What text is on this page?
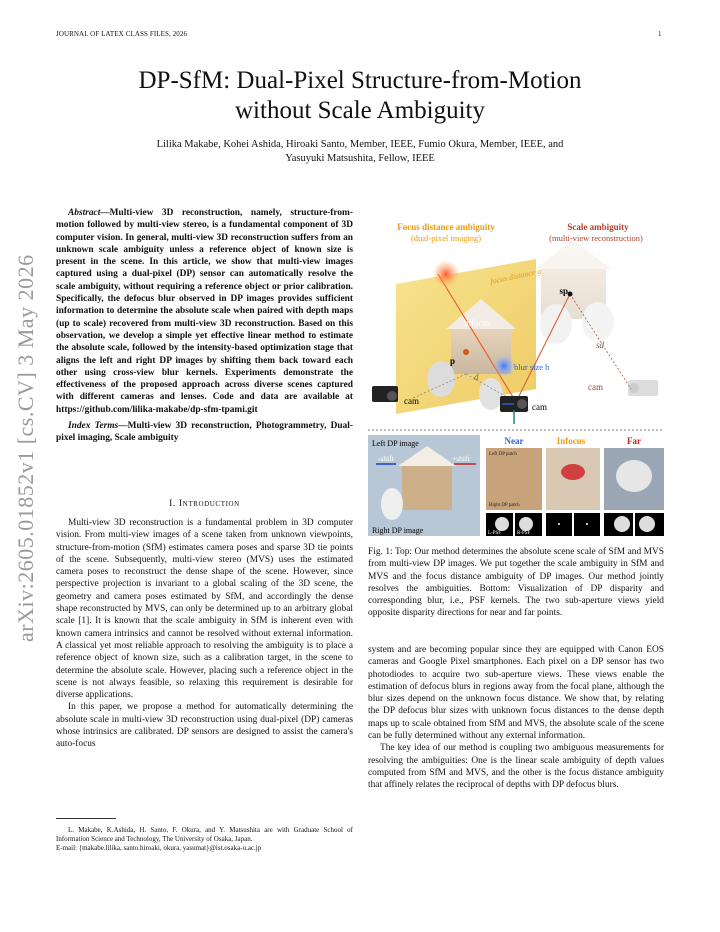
JOURNAL OF LATEX CLASS FILES, 2026	1
arXiv:2605.01852v1 [cs.CV] 3 May 2026
DP-SfM: Dual-Pixel Structure-from-Motion
without Scale Ambiguity
Lilika Makabe, Kohei Ashida, Hiroaki Santo, Member, IEEE, Fumio Okura, Member, IEEE, and
Yasuyuki Matsushita, Fellow, IEEE

Abstract—Multi-view 3D reconstruction, namely, structure-from-motion followed by multi-view stereo, is a fundamental component of 3D computer vision. In general, multi-view 3D reconstruction suffers from an unknown scale ambiguity unless a reference object of known size is present in the scene. In this article, we show that multi-view images captured using a dual-pixel (DP) sensor can automatically resolve the scale ambiguity, without requiring a reference object or prior calibration. Specifically, the defocus blur observed in DP images provides sufficient information to determine the absolute scale when paired with depth maps (up to scale) recovered from multi-view 3D reconstruction. Based on this observation, we develop a simple yet effective linear method to estimate the absolute scale, followed by the intensity-based optimization stage that aligns the left and right DP images by shifting them back toward each other using cross-view blur kernels. Experiments demonstrate the effectiveness of the proposed approach across diverse scenes captured with different cameras and lenses. Code and data are available at https://github.com/lilika-makabe/dp-sfm-tpami.git

Index Terms—Multi-view 3D reconstruction, Photogrammetry, Dual-pixel imaging, Scale ambiguity

I. Introduction

Multi-view 3D reconstruction is a fundamental problem in 3D computer vision. From multi-view images of a scene taken from unknown viewpoints, structure-from-motion (SfM) estimates camera poses and sparse 3D tie points of the scene. Subsequently, multi-view stereo (MVS) uses the estimated camera poses to reconstruct the dense shape of the scene. However, since perspective projection is invariant to a global scaling of the 3D scene, the geometry and camera poses estimated by SfM, and accordingly the dense shape reconstructed by MVS, can only be determined up to an arbitrary global scale [1]. It is known that the scale ambiguity in SfM is inherent even with known camera intrinsics and cannot be resolved without external information. A classical yet most reliable approach to resolving the ambiguity is to place a reference object of known size, such as a calibration target, in the scene to determine the absolute scale. However, placing such a reference object in the scene is not always feasible, so relaxing this requirement is desirable for diverse applications.

In this paper, we propose a method for automatically determining the absolute scale in multi-view 3D reconstruction using dual-pixel (DP) cameras whose intrinsics are calibrated. DP sensors are designed to assist the camera's auto-focus

L. Makabe, K.Ashida, H. Santo, F. Okura, and Y. Matsushita are with Graduate School of Information Science and Technology, The University of Osaka, Japan.
E-mail: {makabe.lilika, santo.hiroaki, okura, yasumat}@ist.osaka-u.ac.jp
Focus distance ambiguity
(dual-pixel imaging)
Scale ambiguity
(multi-view reconstruction)
focus distance g
infocus
p
sp
sd
d
blur size b
cam
cam
cam
Left DP image
Right DP image
-shift	+shift
Near	Infocus	Far
Left DP patch
Right DP patch
L-PSF	R-PSF
Fig. 1: Top: Our method determines the absolute scene scale of SfM and MVS from multi-view DP images. We put together the scale ambiguity in SfM and MVS and the focus distance ambiguity of DP images. Our method jointly resolves the ambiguities. Bottom: Visualization of DP disparity and corresponding blur, i.e., PSF kernels. The two sub-aperture views yield opposite disparity directions for near and far points.

system and are becoming popular since they are equipped with Canon EOS cameras and Google Pixel smartphones. Each pixel on a DP sensor has two photodiodes to acquire two sub-aperture views. These views enable the estimation of defocus blurs in regions away from the focal plane, although the blur sizes depend on the unknown focus distance. We show that, by relating the DP defocus blur sizes with unknown focus distances to the dense depth maps up to scale obtained from SfM and MVS, the absolute scale of the scene can be fully determined without any external information.

The key idea of our method is coupling two ambiguous measurements for resolving the ambiguities: One is the linear scale ambiguity of depth values computed from SfM and MVS, and the other is the focus distance ambiguity that affinely relates the reciprocal of depths with DP defocus blurs.
